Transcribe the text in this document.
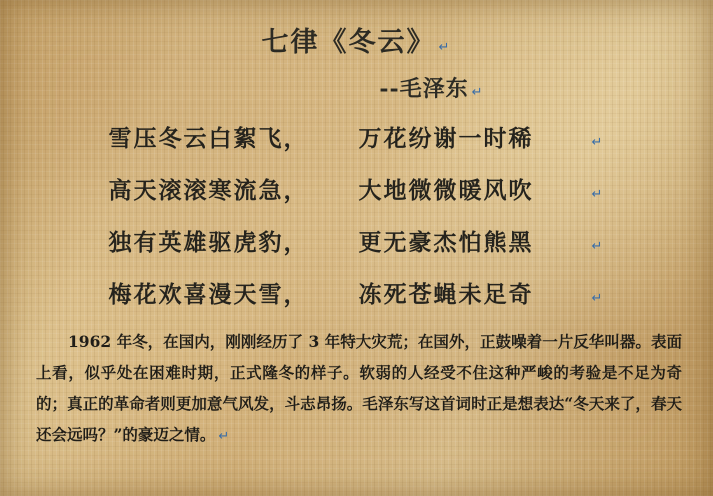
七律《冬云》 ↵
--毛泽东 ↵
雪压冬云白絮飞，	万花纷谢一时稀	↵
高天滚滚寒流急，	大地微微暖风吹	↵
独有英雄驱虎豹，	更无豪杰怕熊黑	↵
梅花欢喜漫天雪，	冻死苍蝇未足奇	↵
1962 年冬，在国内，刚刚经历了 3 年特大灾荒；在国外，正鼓噪着一片反华叫器。表面上看，似乎处在困难时期，正式隆冬的样子。软弱的人经受不住这种严峻的考验是不足为奇的；真正的革命者则更加意气风发，斗志昂扬。毛泽东写这首词时正是想表达“冬天来了，春天还会远吗？”的豪迈之情。 ↵
